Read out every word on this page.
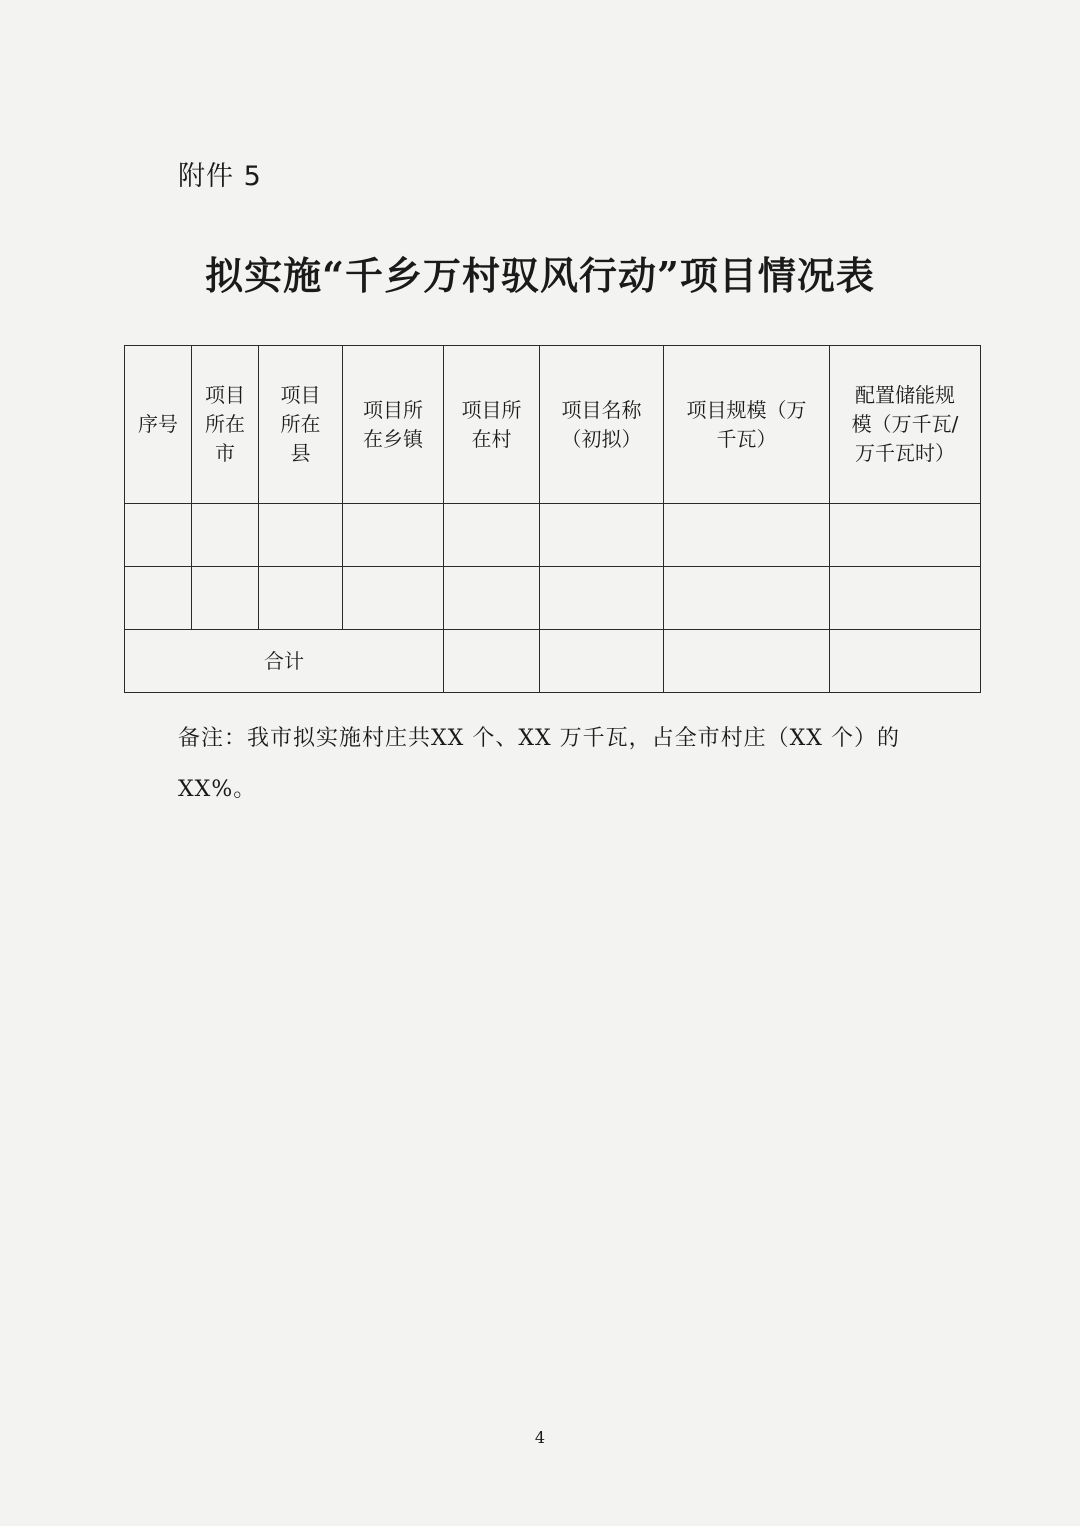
附件 5
拟实施“千乡万村驭风行动”项目情况表
序号	项目所在市	项目所在县	项目所在乡镇	项目所在村	项目名称（初拟）	项目规模（万千瓦）	配置储能规模（万千瓦/万千瓦时）

合计							
备注：我市拟实施村庄共XX 个、XX 万千瓦，占全市村庄（XX 个）的 XX%。
4
